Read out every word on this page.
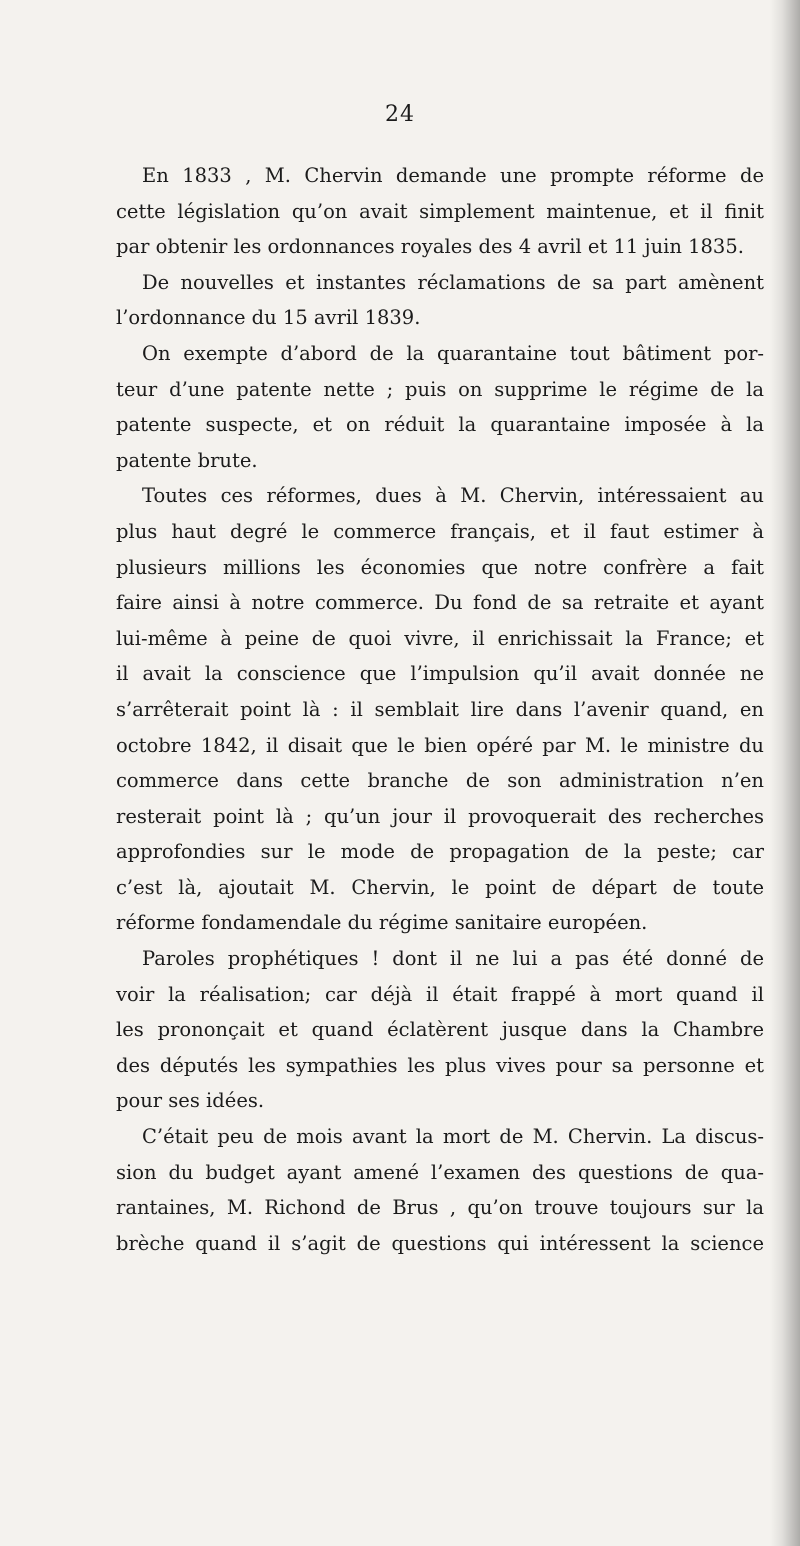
24
En 1833 , M. Chervin demande une prompte réforme de
cette législation qu’on avait simplement maintenue, et il finit
par obtenir les ordonnances royales des 4 avril et 11 juin 1835.
De nouvelles et instantes réclamations de sa part amènent
l’ordonnance du 15 avril 1839.
On exempte d’abord de la quarantaine tout bâtiment por-
teur d’une patente nette ; puis on supprime le régime de la
patente suspecte, et on réduit la quarantaine imposée à la
patente brute.
Toutes ces réformes, dues à M. Chervin, intéressaient au
plus haut degré le commerce français, et il faut estimer à
plusieurs millions les économies que notre confrère a fait
faire ainsi à notre commerce. Du fond de sa retraite et ayant
lui-même à peine de quoi vivre, il enrichissait la France; et
il avait la conscience que l’impulsion qu’il avait donnée ne
s’arrêterait point là : il semblait lire dans l’avenir quand, en
octobre 1842, il disait que le bien opéré par M. le ministre du
commerce dans cette branche de son administration n’en
resterait point là ; qu’un jour il provoquerait des recherches
approfondies sur le mode de propagation de la peste; car
c’est là, ajoutait M. Chervin, le point de départ de toute
réforme fondamendale du régime sanitaire européen.
Paroles prophétiques ! dont il ne lui a pas été donné de
voir la réalisation; car déjà il était frappé à mort quand il
les prononçait et quand éclatèrent jusque dans la Chambre
des députés les sympathies les plus vives pour sa personne et
pour ses idées.
C’était peu de mois avant la mort de M. Chervin. La discus-
sion du budget ayant amené l’examen des questions de qua-
rantaines, M. Richond de Brus , qu’on trouve toujours sur la
brèche quand il s’agit de questions qui intéressent la science
